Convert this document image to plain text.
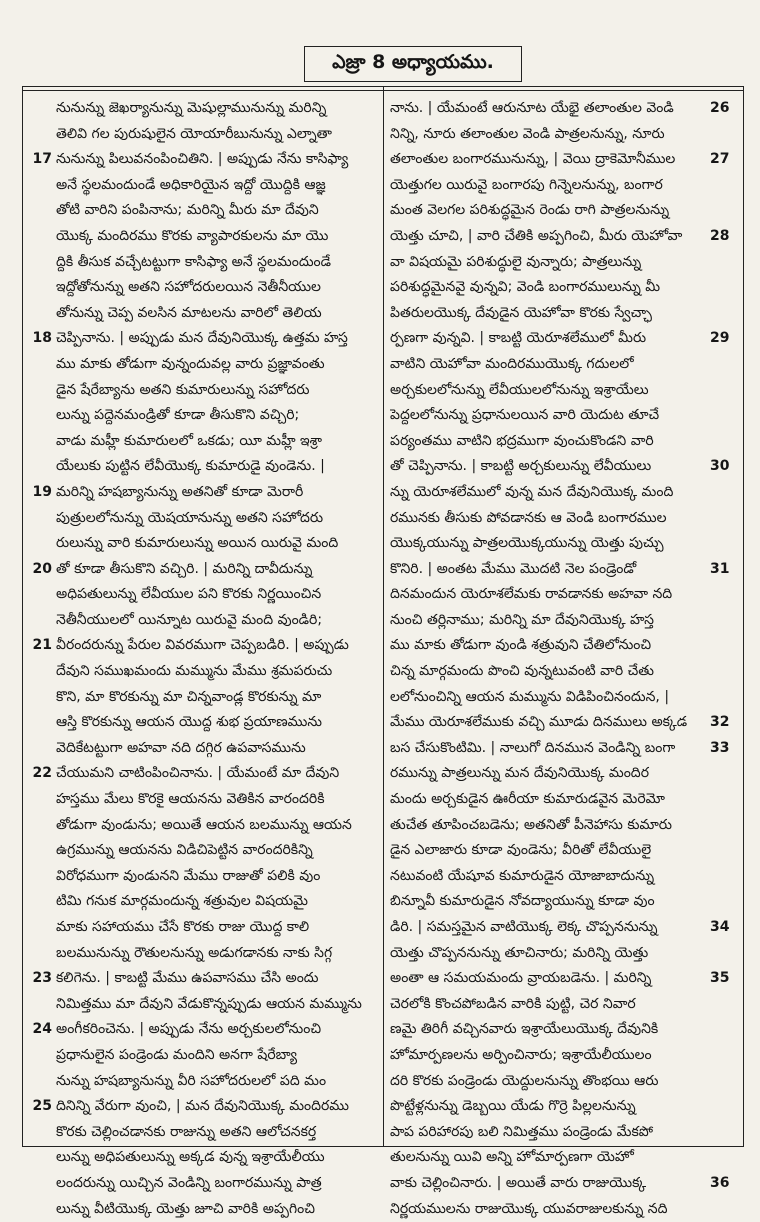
ఎజ్రా 8 అధ్యాయము.
నునున్ను జెఖర్యానున్ను మెషుల్లామునున్ను మరిన్ని
తెలివి గల పురుషులైన యోయారీబునున్ను ఎల్నాతా
నునున్ను పిలువనంపించితిని. | అప్పుడు నేను కాసిఫ్యా
17
అనే స్థలమందుండే అధికారియైన ఇద్దో యొద్దికి ఆజ్ఞ
తోటి వారిని పంపినాను; మరిన్ని మీరు మా దేవుని
యొక్క మందిరము కొరకు వ్యాపారకులను మా యొ
ద్దికి తీసుక వచ్చేటట్టుగా కాసిఫ్యా అనే స్థలమందుండే
ఇద్దోతోనున్ను అతని సహోదరులయిన నెతీనీయుల
తోనున్ను చెప్ప వలసిన మాటలను వారిలో తెలియ
చెప్పినాను. | అప్పుడు మన దేవునియొక్క ఉత్తమ హస్త
18
ము మాకు తోడుగా వున్నందువల్ల వారు ప్రజ్ఞావంతు
డైన షేరేబ్యాను అతని కుమారులున్ను సహోదరు
లున్ను పద్దెనమండ్రితో కూడా తీసుకొని వచ్చిరి;
వాడు మహ్లీ కుమారులలో ఒకడు; యీ మహ్లీ ఇశ్రా
యేలుకు పుట్టిన లేవీయొక్క కుమారుడై వుండెను. |
మరిన్ని హషబ్యానున్ను అతనితో కూడా మెరారీ
19
పుత్రులలోనున్ను యెషయానున్ను అతని సహోదరు
రులున్ను వారి కుమారులున్ను అయిన యిరువై మంది
తో కూడా తీసుకొని వచ్చిరి. | మరిన్ని దావీదున్ను
20
అధిపతులున్ను లేవీయుల పని కొరకు నిర్ణయించిన
నెతీనీయులలో యిన్నూట యిరువై మంది వుండిరి;
వీరందరున్ను పేరుల వివరముగా చెప్పబడిరి. | అప్పుడు
21
దేవుని సముఖమందు మమ్మును మేము శ్రమపరుచు
కొని, మా కొరకున్ను మా చిన్నవాండ్ల కొరకున్ను మా
ఆస్తి కొరకున్ను ఆయన యొద్ద శుభ ప్రయాణమును
వెదికేటట్టుగా అహవా నది దగ్గిర ఉపవాసమును
చేయుమని చాటింపించినాను. | యేమంటే మా దేవుని
22
హస్తము మేలు కొరకై ఆయనను వెతికిన వారందరికి
తోడుగా వుండును; అయితే ఆయన బలమున్ను ఆయన
ఉగ్రమున్ను ఆయనను విడిచిపెట్టిన వారందరికిన్ని
విరోధముగా వుండునని మేము రాజుతో పలికి వుం
టిమి గనుక మార్గమందున్న శత్రువుల విషయమై
మాకు సహాయము చేసే కొరకు రాజు యొద్ద కాలి
బలమునున్ను రౌతులనున్ను అడుగడానకు నాకు సిగ్గ
కలిగెను. | కాబట్టి మేము ఉపవాసము చేసి అందు
23
నిమిత్తము మా దేవుని వేడుకొన్నప్పుడు ఆయన మమ్మును
అంగీకరించెను. | అప్పుడు నేను అర్చకులలోనుంచి
24
ప్రధానులైన పండ్రెండు మందిని అనగా షేరేబ్యా
నున్ను హషబ్యానున్ను వీరి సహోదరులలో పది మం
దినిన్ని వేరుగా వుంచి, | మన దేవునియొక్క మందిరము
25
కొరకు చెల్లించడానకు రాజున్ను అతని ఆలోచనకర్త
లున్ను అధిపతులున్ను అక్కడ వున్న ఇశ్రాయేలీయు
లందరున్ను యిచ్చిన వెండిన్ని బంగారమున్ను పాత్ర
లున్ను వీటియొక్క యెత్తు జూచి వారికి అప్పగించి
నాను. | యేమంటే ఆరునూట యేభై తలాంతుల వెండి	26
నిన్ని, నూరు తలాంతుల వెండి పాత్రలనున్ను, నూరు
తలాంతుల బంగారమునున్ను, | వెయి ద్రాకెమోనీముల	27
యెత్తుగల యిరువై బంగారపు గిన్నెలనున్ను, బంగార
మంత వెలగల పరిశుద్ధమైన రెండు రాగి పాత్రలనున్ను
యెత్తు చూచి, | వారి చేతికి అప్పగించి, మీరు యెహోవా	28
వా విషయమై పరిశుద్ధులై వున్నారు; పాత్రలున్ను
పరిశుద్ధమైనవై వున్నవి; వెండి బంగారములున్ను మీ
పితరులయొక్క దేవుడైన యెహోవా కొరకు స్వేచ్ఛా
ర్పణగా వున్నవి. | కాబట్టి యెరూశలేములో మీరు	29
వాటిని యెహోవా మందిరముయొక్క గదులలో
అర్చకులలోనున్ను లేవీయులలోనున్ను ఇశ్రాయేలు
పెద్దలలోనున్ను ప్రధానులయిన వారి యెదుట తూచే
పర్యంతము వాటిని భద్రముగా వుంచుకొండని వారి
తో చెప్పినాను. | కాబట్టి అర్చకులున్ను లేవీయులు	30
న్ను యెరూశలేములో వున్న మన దేవునియొక్క మంది
రమునకు తీసుకు పోవడానకు ఆ వెండి బంగారముల
యొక్కయున్ను పాత్రలయొక్కయున్ను యెత్తు పుచ్చు
కొనిరి. | అంతట మేము మొదటి నెల పండ్రెండో	31
దినమందున యెరూశలేమకు రావడానకు అహవా నది
నుంచి తర్లినాము; మరిన్ని మా దేవునియొక్క హస్త
ము మాకు తోడుగా వుండి శత్రువుని చేతిలోనుంచి
చిన్న మార్గమందు పొంచి వున్నటువంటి వారి చేతు
లలోనుంచిన్ని ఆయన మమ్మును విడిపించినందున, |
మేము యెరూశలేముకు వచ్చి మూడు దినములు అక్కడ	32
బస చేసుకొంటిమి. | నాలుగో దినమున వెండిన్ని బంగా	33
రమున్ను పాత్రలున్ను మన దేవునియొక్క మందిర
మందు అర్చకుడైన ఊరీయా కుమారుడవైన మెరెమో
తుచేత తూపించబడెను; అతనితో పీనెహాసు కుమారు
డైన ఎలాజారు కూడా వుండెను; వీరితో లేవీయులై
నటువంటి యేషూవ కుమారుడైన యోజాబాదున్ను
బిన్నూవీ కుమారుడైన నోవద్యాయున్ను కూడా వుం
డిరి. | సమస్తమైన వాటియొక్క లెక్క చొప్పననున్ను	34
యెత్తు చొప్పననున్ను తూచినారు; మరిన్ని యెత్తు
అంతా ఆ సమయమందు వ్రాయబడెను. | మరిన్ని	35
చెరలోకి కొంచపోబడిన వారికి పుట్టి, చెర నివార
ణమై తిరిగీ వచ్చినవారు ఇశ్రాయేలుయొక్క దేవునికి
హోమార్పణలను అర్పించినారు; ఇశ్రాయేలీయులం
దరి కొరకు పండ్రెండు యెద్దులనున్ను తొంభయి ఆరు
పొట్టేళ్లనున్ను డెబ్బయి యేడు గొర్రె పిల్లలనున్ను
పాప పరిహారపు బలి నిమిత్తము పండ్రెండు మేకపో
తులనున్ను యివి అన్ని హోమార్పణగా యెహో
వాకు చెల్లించినారు. | అయితే వారు రాజుయొక్క	36
నిర్ణయములను రాజుయొక్క యువరాజులకున్ను నది
